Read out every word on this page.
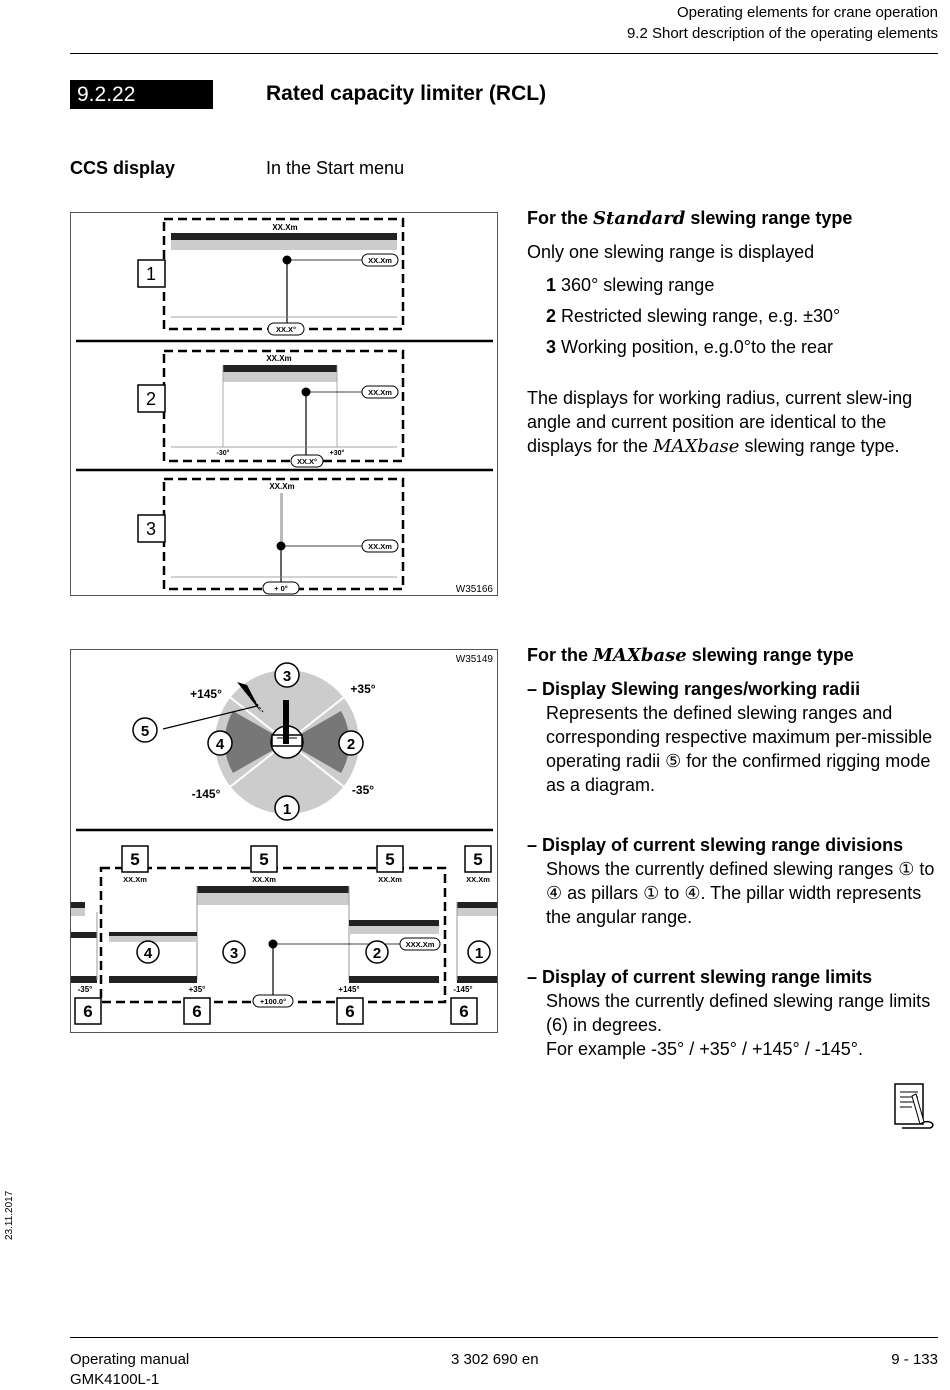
Operating elements for crane operation
9.2 Short description of the operating elements
9.2.22	Rated capacity limiter (RCL)
CCS display	In the Start menu
XX.Xm
XX.Xm
XX.X°
1
XX.Xm
XX.Xm
-30°	+30°
XX.X°
2
XX.Xm
XX.Xm
+ 0°
3
W35166
For the Standard slewing range type
Only one slewing range is displayed
1 360° slewing range
2 Restricted slewing range, e.g. ±30°
3 Working position, e.g.0°to the rear
The displays for working radius, current slew-ing angle and current position are identical to the displays for the MAXbase slewing range type.
W35149
+145°	+35°
-145°	-35°
3
1
4	2
5
XXX.Xm
+100.0°
4	3	2	1
5	5	5	5
XX.Xm	XX.Xm	XX.Xm	XX.Xm
-35°	+35°	+145°	-145°
6	6	6	6
For the MAXbase slewing range type
– Display Slewing ranges/working radii
Represents the defined slewing ranges and corresponding respective maximum per-missible operating radii ⑤ for the confirmed rigging mode as a diagram.
– Display of current slewing range divisions
Shows the currently defined slewing ranges ① to ④ as pillars ① to ④. The pillar width represents the angular range.
– Display of current slewing range limits
Shows the currently defined slewing range limits (6) in degrees.
For example -35° / +35° / +145° / -145°.
23.11.2017
Operating manual
GMK4100L-1
3 302 690 en	9 - 133
